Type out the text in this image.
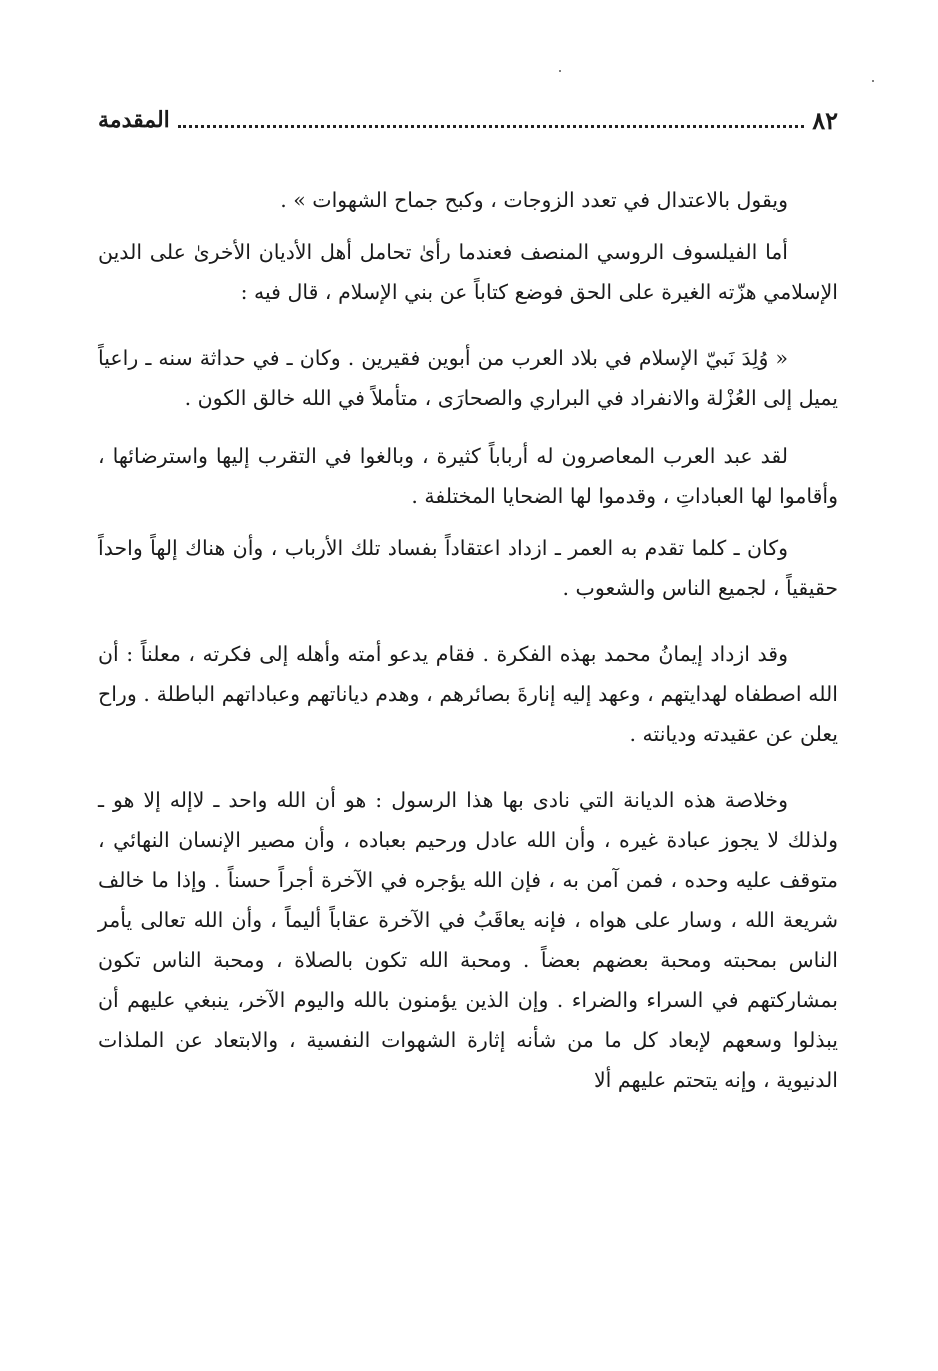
٨٢
المقدمة

ويقول بالاعتدال في تعدد الزوجات ، وكبح جماح الشهوات » .

أما الفيلسوف الروسي المنصف فعندما رأىٰ تحامل أهل الأديان الأخرىٰ على الدين الإسلامي هزّته الغيرة على الحق فوضع كتاباً عن بني الإسلام ، قال فيه :

« وُلِدَ نَبيّ الإسلام في بلاد العرب من أبوين فقيرين . وكان ـ في حداثة سنه ـ راعياً يميل إلى العُزْلة والانفراد في البراري والصحارَى ، متأملاً في الله خالق الكون .

لقد عبد العرب المعاصرون له أرباباً كثيرة ، وبالغوا في التقرب إليها واسترضائها ، وأقاموا لها العباداتِ ، وقدموا لها الضحايا المختلفة .

وكان ـ كلما تقدم به العمر ـ ازداد اعتقاداً بفساد تلك الأرباب ، وأن هناك إلهاً واحداً حقيقياً ، لجميع الناس والشعوب .

وقد ازداد إيمانُ محمد بهذه الفكرة . فقام يدعو أمته وأهله إلى فكرته ، معلناً : أن الله اصطفاه لهدايتهم ، وعهد إليه إنارةَ بصائرهم ، وهدم دياناتهم وعباداتهم الباطلة . وراح يعلن عن عقيدته وديانته .

وخلاصة هذه الديانة التي نادى بها هذا الرسول : هو أن الله واحد ـ لاإله إلا هو ـ ولذلك لا يجوز عبادة غيره ، وأن الله عادل ورحيم بعباده ، وأن مصير الإنسان النهائي ، متوقف عليه وحده ، فمن آمن به ، فإن الله يؤجره في الآخرة أجراً حسناً . وإذا ما خالف شريعة الله ، وسار على هواه ، فإنه يعاقَبُ في الآخرة عقاباً أليماً ، وأن الله تعالى يأمر الناس بمحبته ومحبة بعضهم بعضاً . ومحبة الله تكون بالصلاة ، ومحبة الناس تكون بمشاركتهم في السراء والضراء . وإن الذين يؤمنون بالله واليوم الآخر، ينبغي عليهم أن يبذلوا وسعهم لإبعاد كل ما من شأنه إثارة الشهوات النفسية ، والابتعاد عن الملذات الدنيوية ، وإنه يتحتم عليهم ألا
